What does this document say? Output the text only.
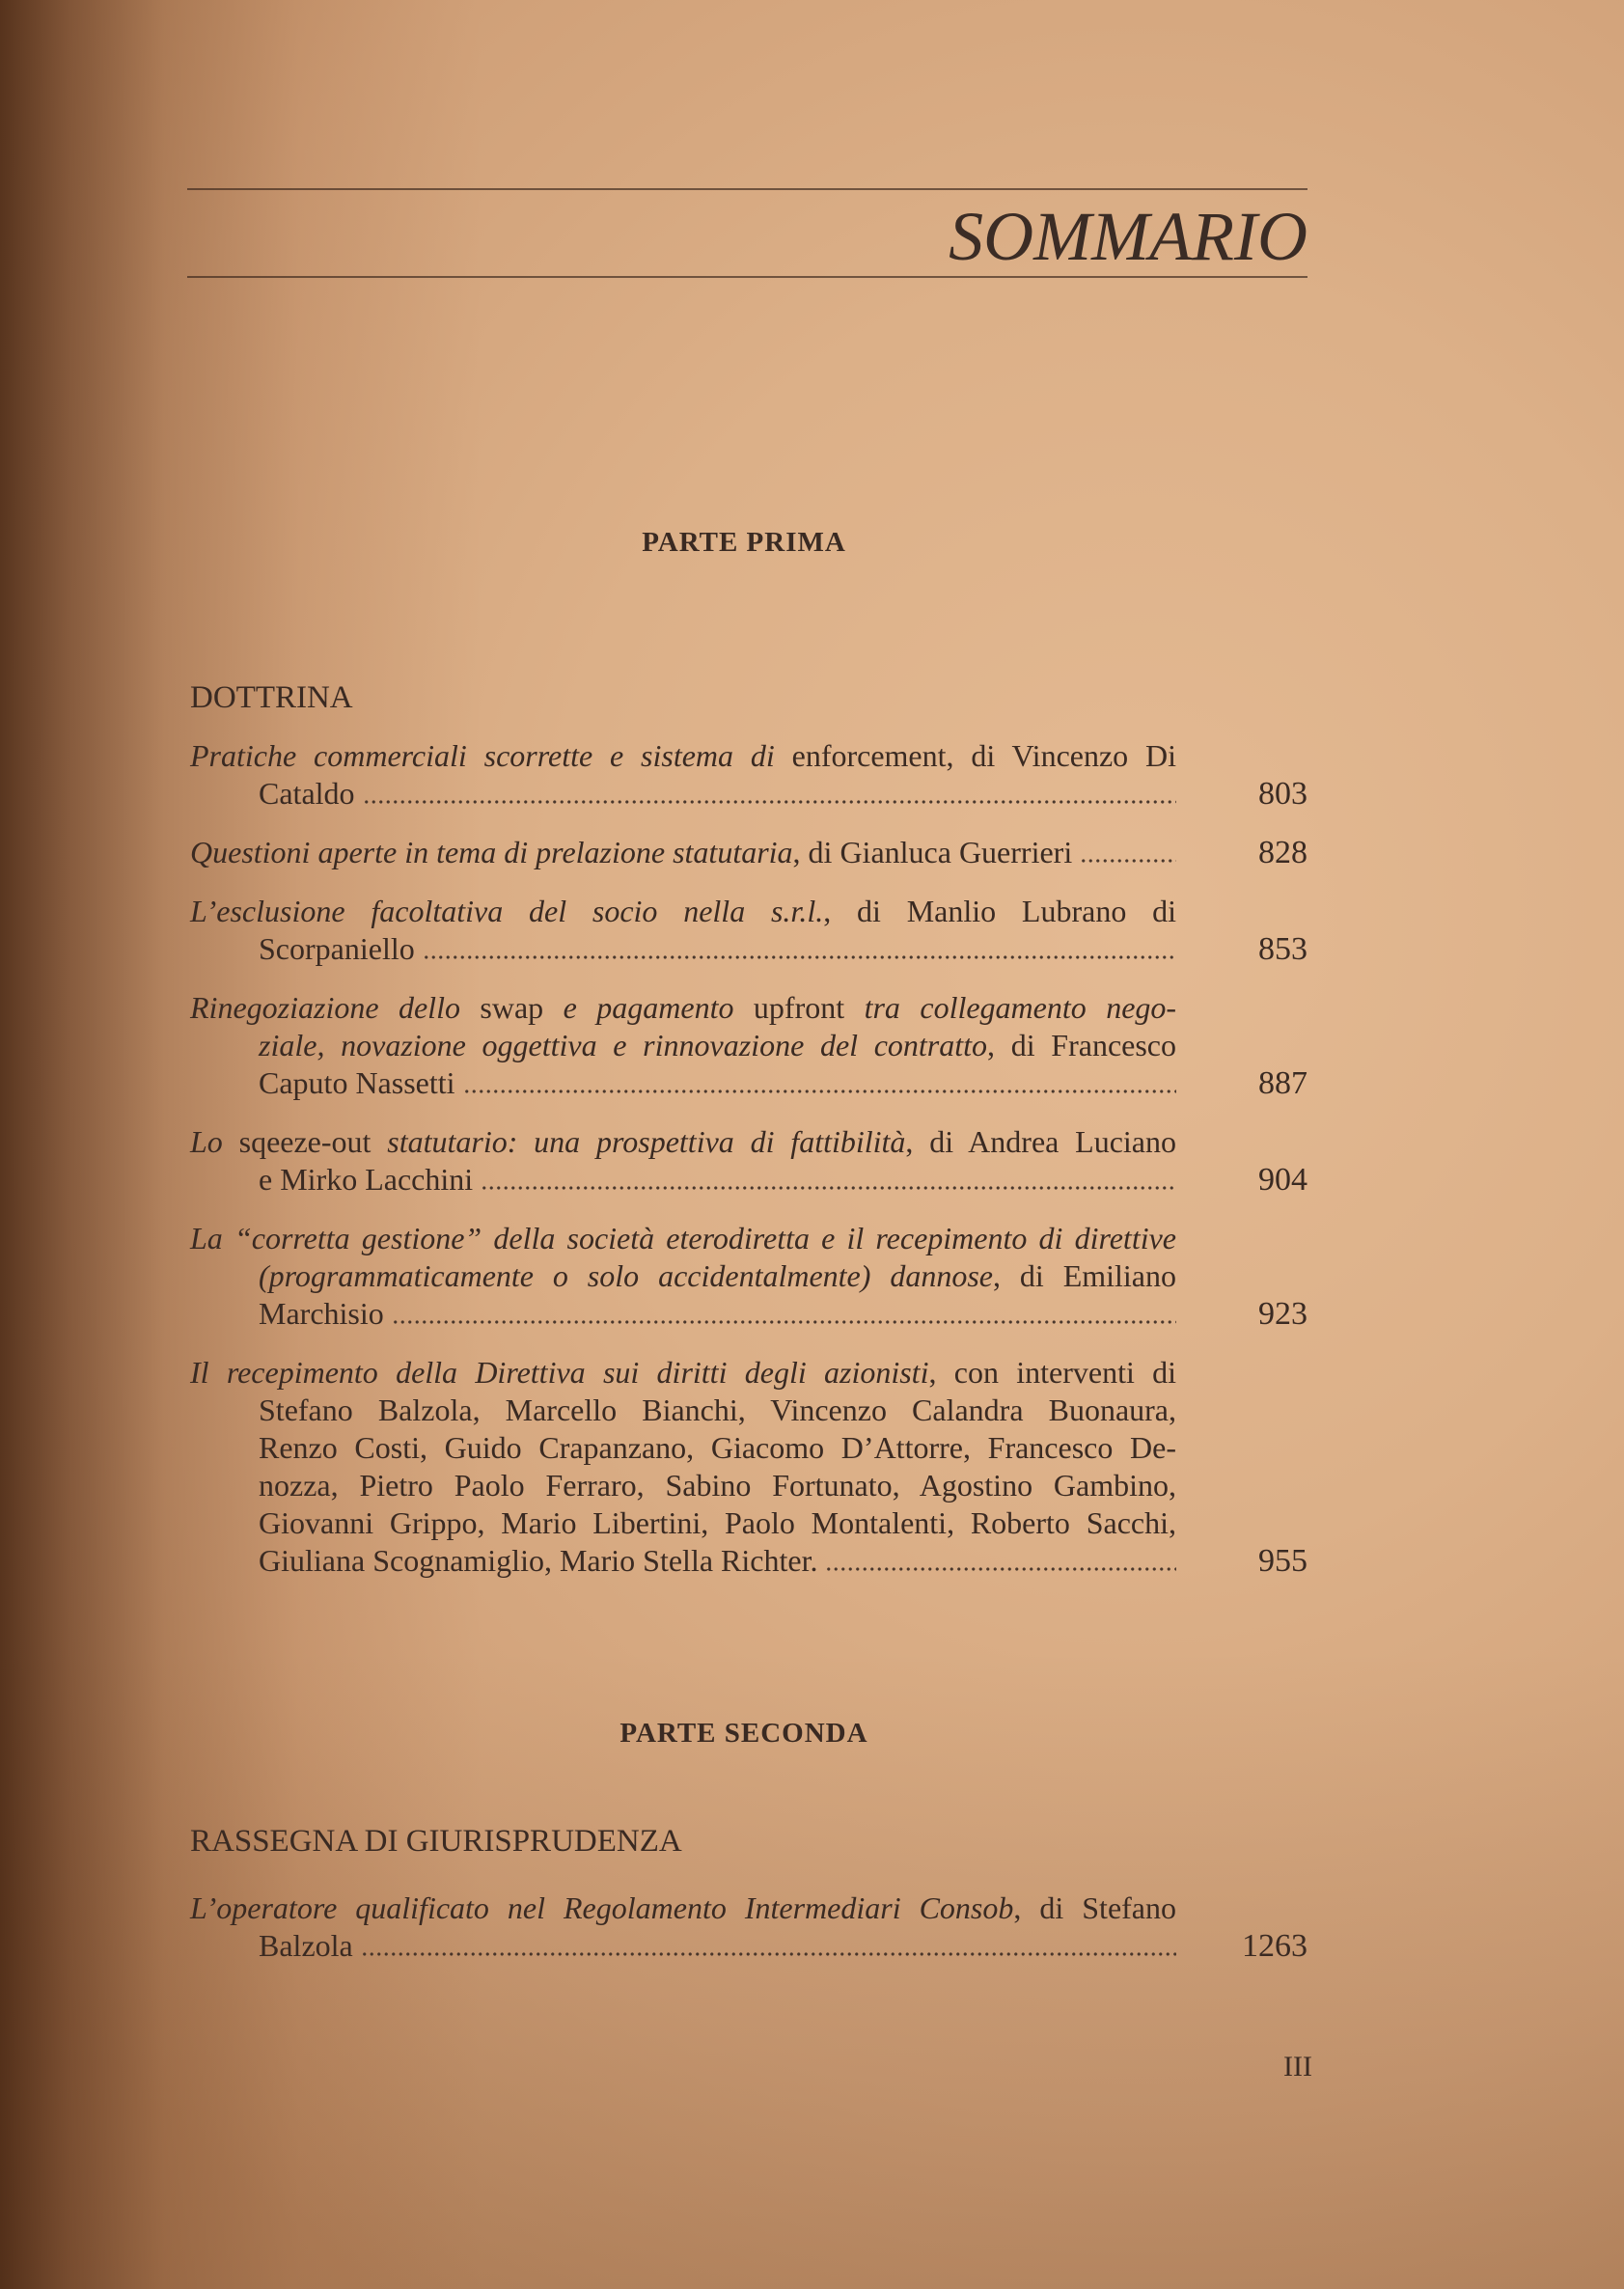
SOMMARIO
PARTE PRIMA
DOTTRINA
Pratiche commerciali scorrette e sistema di enforcement, di Vincenzo Di
Cataldo	803
Questioni aperte in tema di prelazione statutaria, di Gianluca Guerrieri	828
L’esclusione facoltativa del socio nella s.r.l., di Manlio Lubrano di
Scorpaniello	853
Rinegoziazione dello swap e pagamento upfront tra collegamento nego-
ziale, novazione oggettiva e rinnovazione del contratto, di Francesco
Caputo Nassetti	887
Lo sqeeze-out statutario: una prospettiva di fattibilità, di Andrea Luciano
e Mirko Lacchini	904
La “corretta gestione” della società eterodiretta e il recepimento di direttive
(programmaticamente o solo accidentalmente) dannose, di Emiliano
Marchisio	923
Il recepimento della Direttiva sui diritti degli azionisti, con interventi di
Stefano Balzola, Marcello Bianchi, Vincenzo Calandra Buonaura,
Renzo Costi, Guido Crapanzano, Giacomo D’Attorre, Francesco De-
nozza, Pietro Paolo Ferraro, Sabino Fortunato, Agostino Gambino,
Giovanni Grippo, Mario Libertini, Paolo Montalenti, Roberto Sacchi,
Giuliana Scognamiglio, Mario Stella Richter.	955
PARTE SECONDA
RASSEGNA DI GIURISPRUDENZA
L’operatore qualificato nel Regolamento Intermediari Consob, di Stefano
Balzola	1263
III
